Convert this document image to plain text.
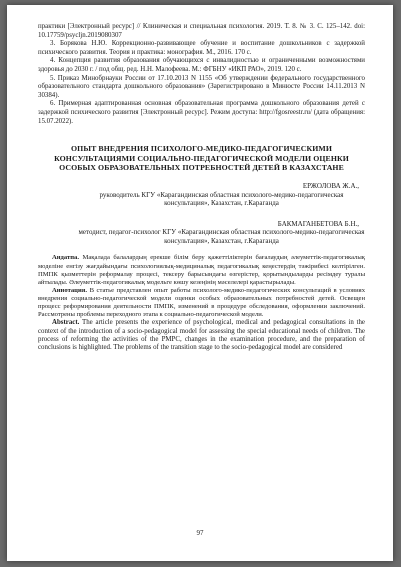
практики [Электронный ресурс] // Клиническая и специальная психология. 2019. Т. 8. № 3. С. 125–142. doi: 10.17759/psycljn.2019080307

3. Борякова Н.Ю. Коррекционно-развивающее обучение и воспитание дошкольников с задержкой психического развития. Теория и практика: монография. М., 2016. 170 с.

4. Концепция развития образования обучающихся с инвалидностью и ограниченными возможностями здоровья до 2030 г. / под общ. ред. Н.Н. Малофеева. М.: ФГБНУ «ИКП РАО», 2019. 120 с.

5. Приказ Минобрнауки России от 17.10.2013 N 1155 «Об утверждении федерального государственного образовательного стандарта дошкольного образования» (Зарегистрировано в Минюсте России 14.11.2013 N 30384).

6. Примерная адаптированная основная образовательная программа дошкольного образования детей с задержкой психического развития [Электронный ресурс]. Режим доступа: http://fgosreestr.ru/ (дата обращения: 15.07.2022).

ОПЫТ ВНЕДРЕНИЯ ПСИХОЛОГО-МЕДИКО-ПЕДАГОГИЧЕСКИМИ КОНСУЛЬТАЦИЯМИ СОЦИАЛЬНО-ПЕДАГОГИЧЕСКОЙ МОДЕЛИ ОЦЕНКИ ОСОБЫХ ОБРАЗОВАТЕЛЬНЫХ ПОТРЕБНОСТЕЙ ДЕТЕЙ В КАЗАХСТАНЕ

ЕРЖОЛОВА Ж.А.,

руководитель КГУ «Карагандинская областная психолого-медико-педагогическая консультация», Казахстан, г.Караганда

БАКМАГАНБЕТОВА Б.Н.,

методист, педагог-психолог КГУ «Карагандинская областная психолого-медико-педагогическая консультация», Казахстан, г.Караганда

Андатпа. Мақалада балалардың ерекше білім беру қажеттіліктерін бағалаудың әлеуметтік-педагогикалық моделіне енгізу жағдайындағы психологиялық-медициналық педагогикалық кеңестердің тәжірибесі келтірілген. ПМПК қызметтерін реформалау процесі, тексеру барысындағы өзгерістер, қорытындыларды ресімдеу туралы айтылады. Әлеуметтік-педагогикалық модельге көшу кезеңінің мәселелері қарастырылады.

Аннотация. В статье представлен опыт работы психолого-медико-педагогических консультаций в условиях внедрения социально-педагогической модели оценки особых образовательных потребностей детей. Освещен процесс реформирования деятельности ПМПК, изменений в процедуре обследования, оформлении заключений. Рассмотрены проблемы переходного этапа к социально-педагогической модели.

Abstract. The article presents the experience of psychological, medical and pedagogical consultations in the context of the introduction of a socio-pedagogical model for assessing the special educational needs of children. The process of reforming the activities of the PMPC, changes in the examination procedure, and the preparation of conclusions is highlighted. The problems of the transition stage to the socio-pedagogical model are considered

97
